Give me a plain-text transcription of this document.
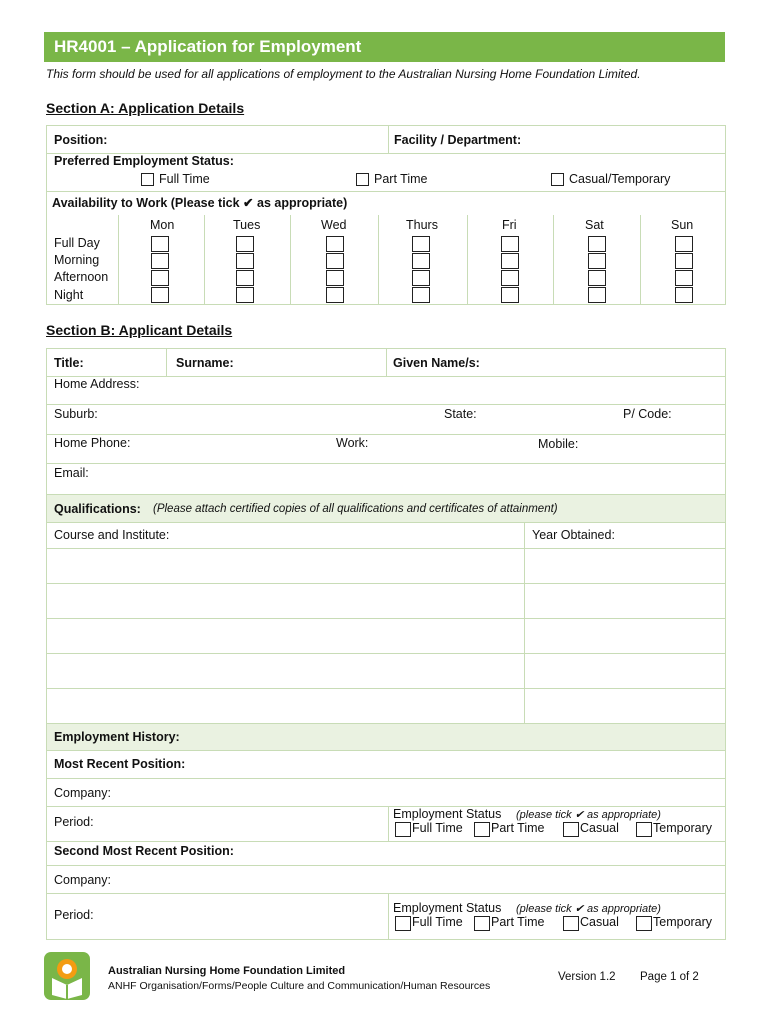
HR4001 – Application for Employment
This form should be used for all applications of employment to the Australian Nursing Home Foundation Limited.
Section A: Application Details
Position:	Facility / Department:
Preferred Employment Status:
Full Time	Part Time	Casual/Temporary
Availability to Work (Please tick ✔ as appropriate)
Mon	Tues	Wed	Thurs	Fri	Sat	Sun
Full Day
Morning
Afternoon
Night
Section B: Applicant Details
Title:	Surname:	Given Name/s:
Home Address:
Suburb:	State:	P/ Code:
Home Phone:	Work:	Mobile:
Email:
Qualifications: (Please attach certified copies of all qualifications and certificates of attainment)
Course and Institute:	Year Obtained:
Employment History:
Most Recent Position:
Company:
Period:
Employment Status (please tick ✔ as appropriate)
Full Time Part Time	Casual	Temporary
Second Most Recent Position:
Company:
Period:	Employment Status (please tick ✔ as appropriate)
Full Time Part Time	Casual	Temporary
Australian Nursing Home Foundation Limited
ANHF Organisation/Forms/People Culture and Communication/Human Resources
Version 1.2 Page 1 of 2
